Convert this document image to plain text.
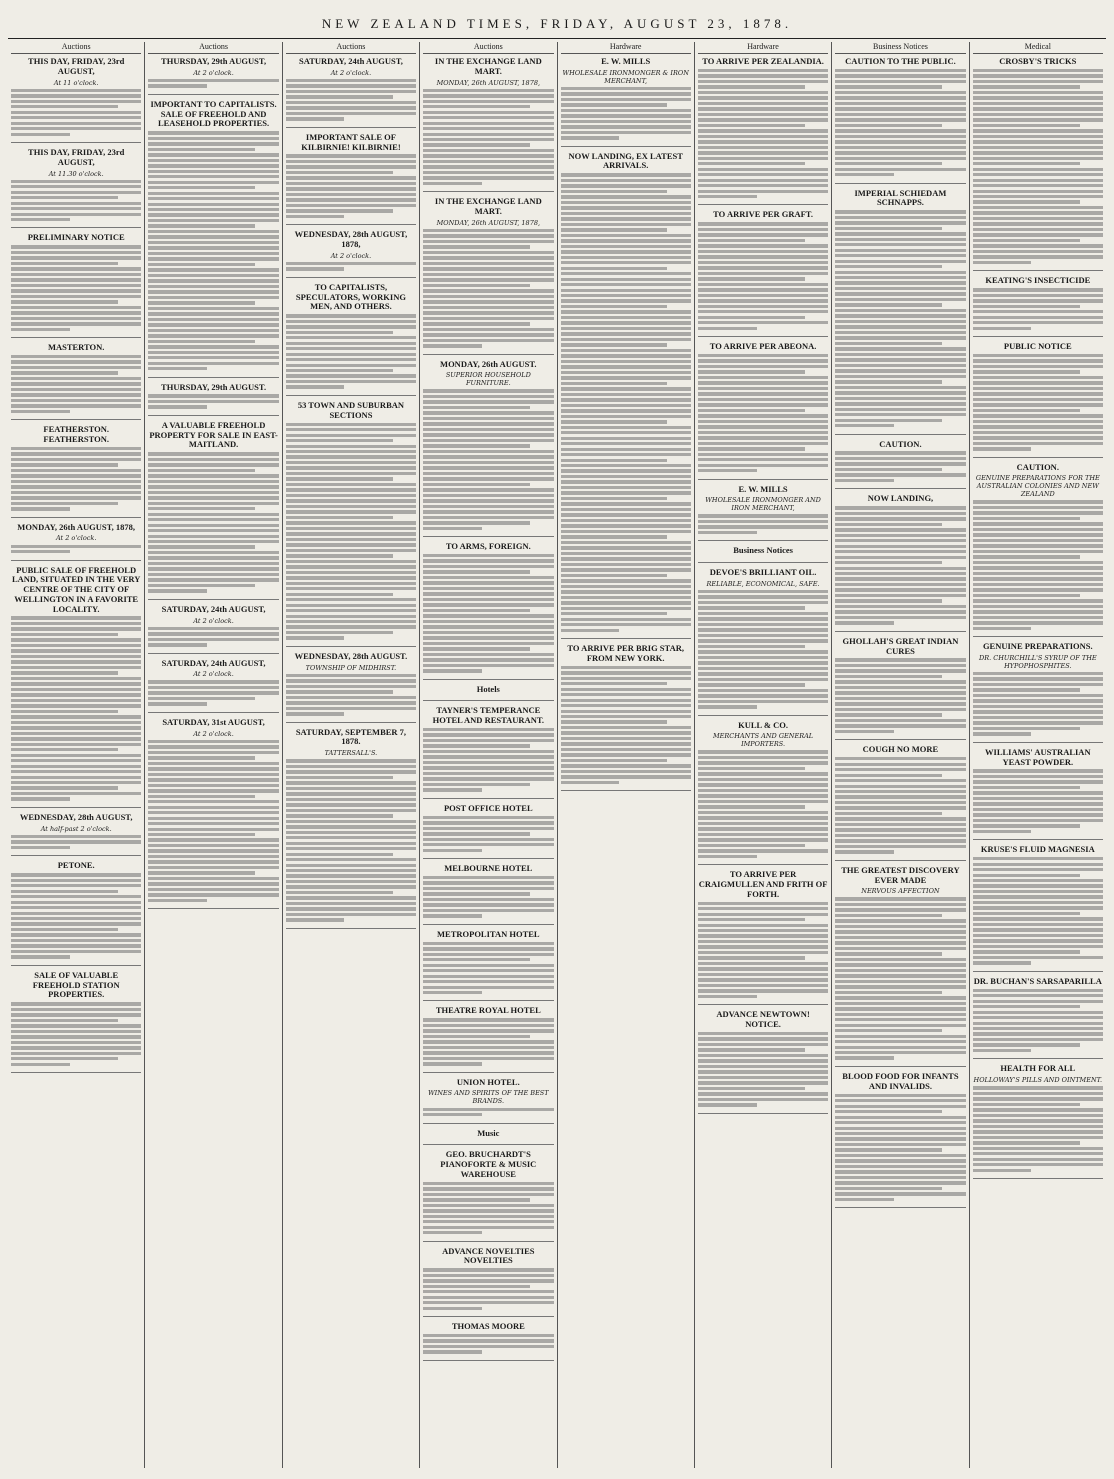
NEW ZEALAND TIMES, FRIDAY, AUGUST 23, 1878.
Auctions
THIS DAY, FRIDAY, 23rd AUGUST,
At 11 o'clock.
THIS DAY, FRIDAY, 23rd AUGUST,
At 11.30 o'clock.
PRELIMINARY NOTICE
MASTERTON.
FEATHERSTON. FEATHERSTON.
MONDAY, 26th AUGUST, 1878,
At 2 o'clock.
PUBLIC SALE OF FREEHOLD LAND, SITUATED IN THE VERY CENTRE OF THE CITY OF WELLINGTON IN A FAVORITE LOCALITY.
WEDNESDAY, 28th AUGUST,
At half-past 2 o'clock.
PETONE.
SALE OF VALUABLE FREEHOLD STATION PROPERTIES.
Auctions
THURSDAY, 29th AUGUST,
At 2 o'clock.
IMPORTANT TO CAPITALISTS. SALE OF FREEHOLD AND LEASEHOLD PROPERTIES.
THURSDAY, 29th AUGUST.
A VALUABLE FREEHOLD PROPERTY FOR SALE IN EAST-MAITLAND.
SATURDAY, 24th AUGUST,
At 2 o'clock.
SATURDAY, 24th AUGUST,
At 2 o'clock.
SATURDAY, 31st AUGUST,
At 2 o'clock.
Auctions
SATURDAY, 24th AUGUST,
At 2 o'clock.
IMPORTANT SALE OF KILBIRNIE! KILBIRNIE!
WEDNESDAY, 28th AUGUST, 1878,
At 2 o'clock.
TO CAPITALISTS, SPECULATORS, WORKING MEN, AND OTHERS.
53 TOWN AND SUBURBAN SECTIONS
WEDNESDAY, 28th AUGUST.
TOWNSHIP OF MIDHIRST.
SATURDAY, SEPTEMBER 7, 1878.
TATTERSALL'S.
Auctions
IN THE EXCHANGE LAND MART.
MONDAY, 26th AUGUST, 1878,
IN THE EXCHANGE LAND MART.
MONDAY, 26th AUGUST, 1878,
MONDAY, 26th AUGUST.
SUPERIOR HOUSEHOLD FURNITURE.
TO ARMS, FOREIGN.
Hotels
TAYNER'S TEMPERANCE HOTEL AND RESTAURANT.
POST OFFICE HOTEL
MELBOURNE HOTEL
METROPOLITAN HOTEL
THEATRE ROYAL HOTEL
UNION HOTEL.
WINES AND SPIRITS OF THE BEST BRANDS.
Music
GEO. BRUCHARDT'S PIANOFORTE & MUSIC WAREHOUSE
ADVANCE NOVELTIES NOVELTIES
THOMAS MOORE
Hardware
E. W. MILLS
WHOLESALE IRONMONGER & IRON MERCHANT,
NOW LANDING, EX LATEST ARRIVALS.
TO ARRIVE PER BRIG STAR, FROM NEW YORK.
Hardware
TO ARRIVE PER ZEALANDIA.
TO ARRIVE PER GRAFT.
TO ARRIVE PER ABEONA.
E. W. MILLS
WHOLESALE IRONMONGER AND IRON MERCHANT,
Business Notices
DEVOE'S BRILLIANT OIL.
RELIABLE, ECONOMICAL, SAFE.
KULL & CO.
MERCHANTS AND GENERAL IMPORTERS.
TO ARRIVE PER CRAIGMULLEN AND FRITH OF FORTH.
ADVANCE NEWTOWN! NOTICE.
Business Notices
CAUTION TO THE PUBLIC.
IMPERIAL SCHIEDAM SCHNAPPS.
CAUTION.
NOW LANDING,
GHOLLAH'S GREAT INDIAN CURES
COUGH NO MORE
THE GREATEST DISCOVERY EVER MADE
NERVOUS AFFECTION
BLOOD FOOD FOR INFANTS AND INVALIDS.
Medical
CROSBY'S TRICKS
KEATING'S INSECTICIDE
PUBLIC NOTICE
CAUTION.
GENUINE PREPARATIONS FOR THE AUSTRALIAN COLONIES AND NEW ZEALAND
GENUINE PREPARATIONS.
DR. CHURCHILL'S SYRUP OF THE HYPOPHOSPHITES.
WILLIAMS' AUSTRALIAN YEAST POWDER.
KRUSE'S FLUID MAGNESIA
DR. BUCHAN'S SARSAPARILLA
HEALTH FOR ALL
HOLLOWAY'S PILLS AND OINTMENT.
